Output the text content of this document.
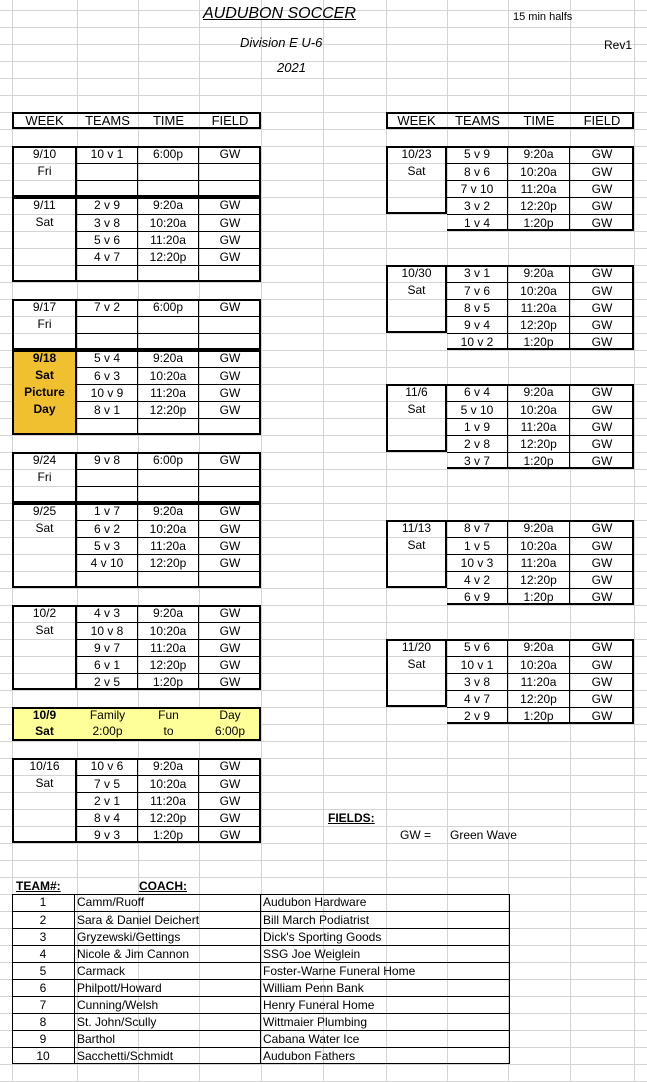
AUDUBON SOCCER
Division E U-6
2021
15 min halfs
Rev1
WEEK	TEAMS	TIME	FIELD
9/10
Fri
10 v 1	6:00p	GW
9/11
Sat
2 v 9	9:20a	GW
3 v 8	10:20a	GW
5 v 6	11:20a	GW
4 v 7	12:20p	GW
9/17
Fri
7 v 2	6:00p	GW
9/18
Sat
Picture
Day
5 v 4	9:20a	GW
6 v 3	10:20a	GW
10 v 9	11:20a	GW
8 v 1	12:20p	GW
9/24
Fri
9 v 8	6:00p	GW
9/25
Sat
1 v 7	9:20a	GW
6 v 2	10:20a	GW
5 v 3	11:20a	GW
4 v 10	12:20p	GW
10/2
Sat
4 v 3	9:20a	GW
10 v 8	10:20a	GW
9 v 7	11:20a	GW
6 v 1	12:20p	GW
2 v 5	1:20p	GW
10/16
Sat
10 v 6	9:20a	GW
7 v 5	10:20a	GW
2 v 1	11:20a	GW
8 v 4	12:20p	GW
9 v 3	1:20p	GW
10/9
Sat
Family	Fun	Day
2:00p	to	6:00p
WEEK	TEAMS	TIME	FIELD
10/23
Sat
5 v 9	9:20a	GW
8 v 6	10:20a	GW
7 v 10	11:20a	GW
3 v 2	12:20p	GW
1 v 4	1:20p	GW
10/30
Sat
3 v 1	9:20a	GW
7 v 6	10:20a	GW
8 v 5	11:20a	GW
9 v 4	12:20p	GW
10 v 2	1:20p	GW
11/6
Sat
6 v 4	9:20a	GW
5 v 10	10:20a	GW
1 v 9	11:20a	GW
2 v 8	12:20p	GW
3 v 7	1:20p	GW
11/13
Sat
8 v 7	9:20a	GW
1 v 5	10:20a	GW
10 v 3	11:20a	GW
4 v 2	12:20p	GW
6 v 9	1:20p	GW
11/20
Sat
5 v 6	9:20a	GW
10 v 1	10:20a	GW
3 v 8	11:20a	GW
4 v 7	12:20p	GW
2 v 9	1:20p	GW
FIELDS:
GW = Green Wave
TEAM#:	COACH:
1	Camm/Ruoff	Audubon Hardware
2	Sara & Daniel Deichert	Bill March Podiatrist
3	Gryzewski/Gettings	Dick's Sporting Goods
4	Nicole & Jim Cannon	SSG Joe Weiglein
5	Carmack	Foster-Warne Funeral Home
6	Philpott/Howard	William Penn Bank
7	Cunning/Welsh	Henry Funeral Home
8	St. John/Scully	Wittmaier Plumbing
9	Barthol	Cabana Water Ice
10	Sacchetti/Schmidt	Audubon Fathers
